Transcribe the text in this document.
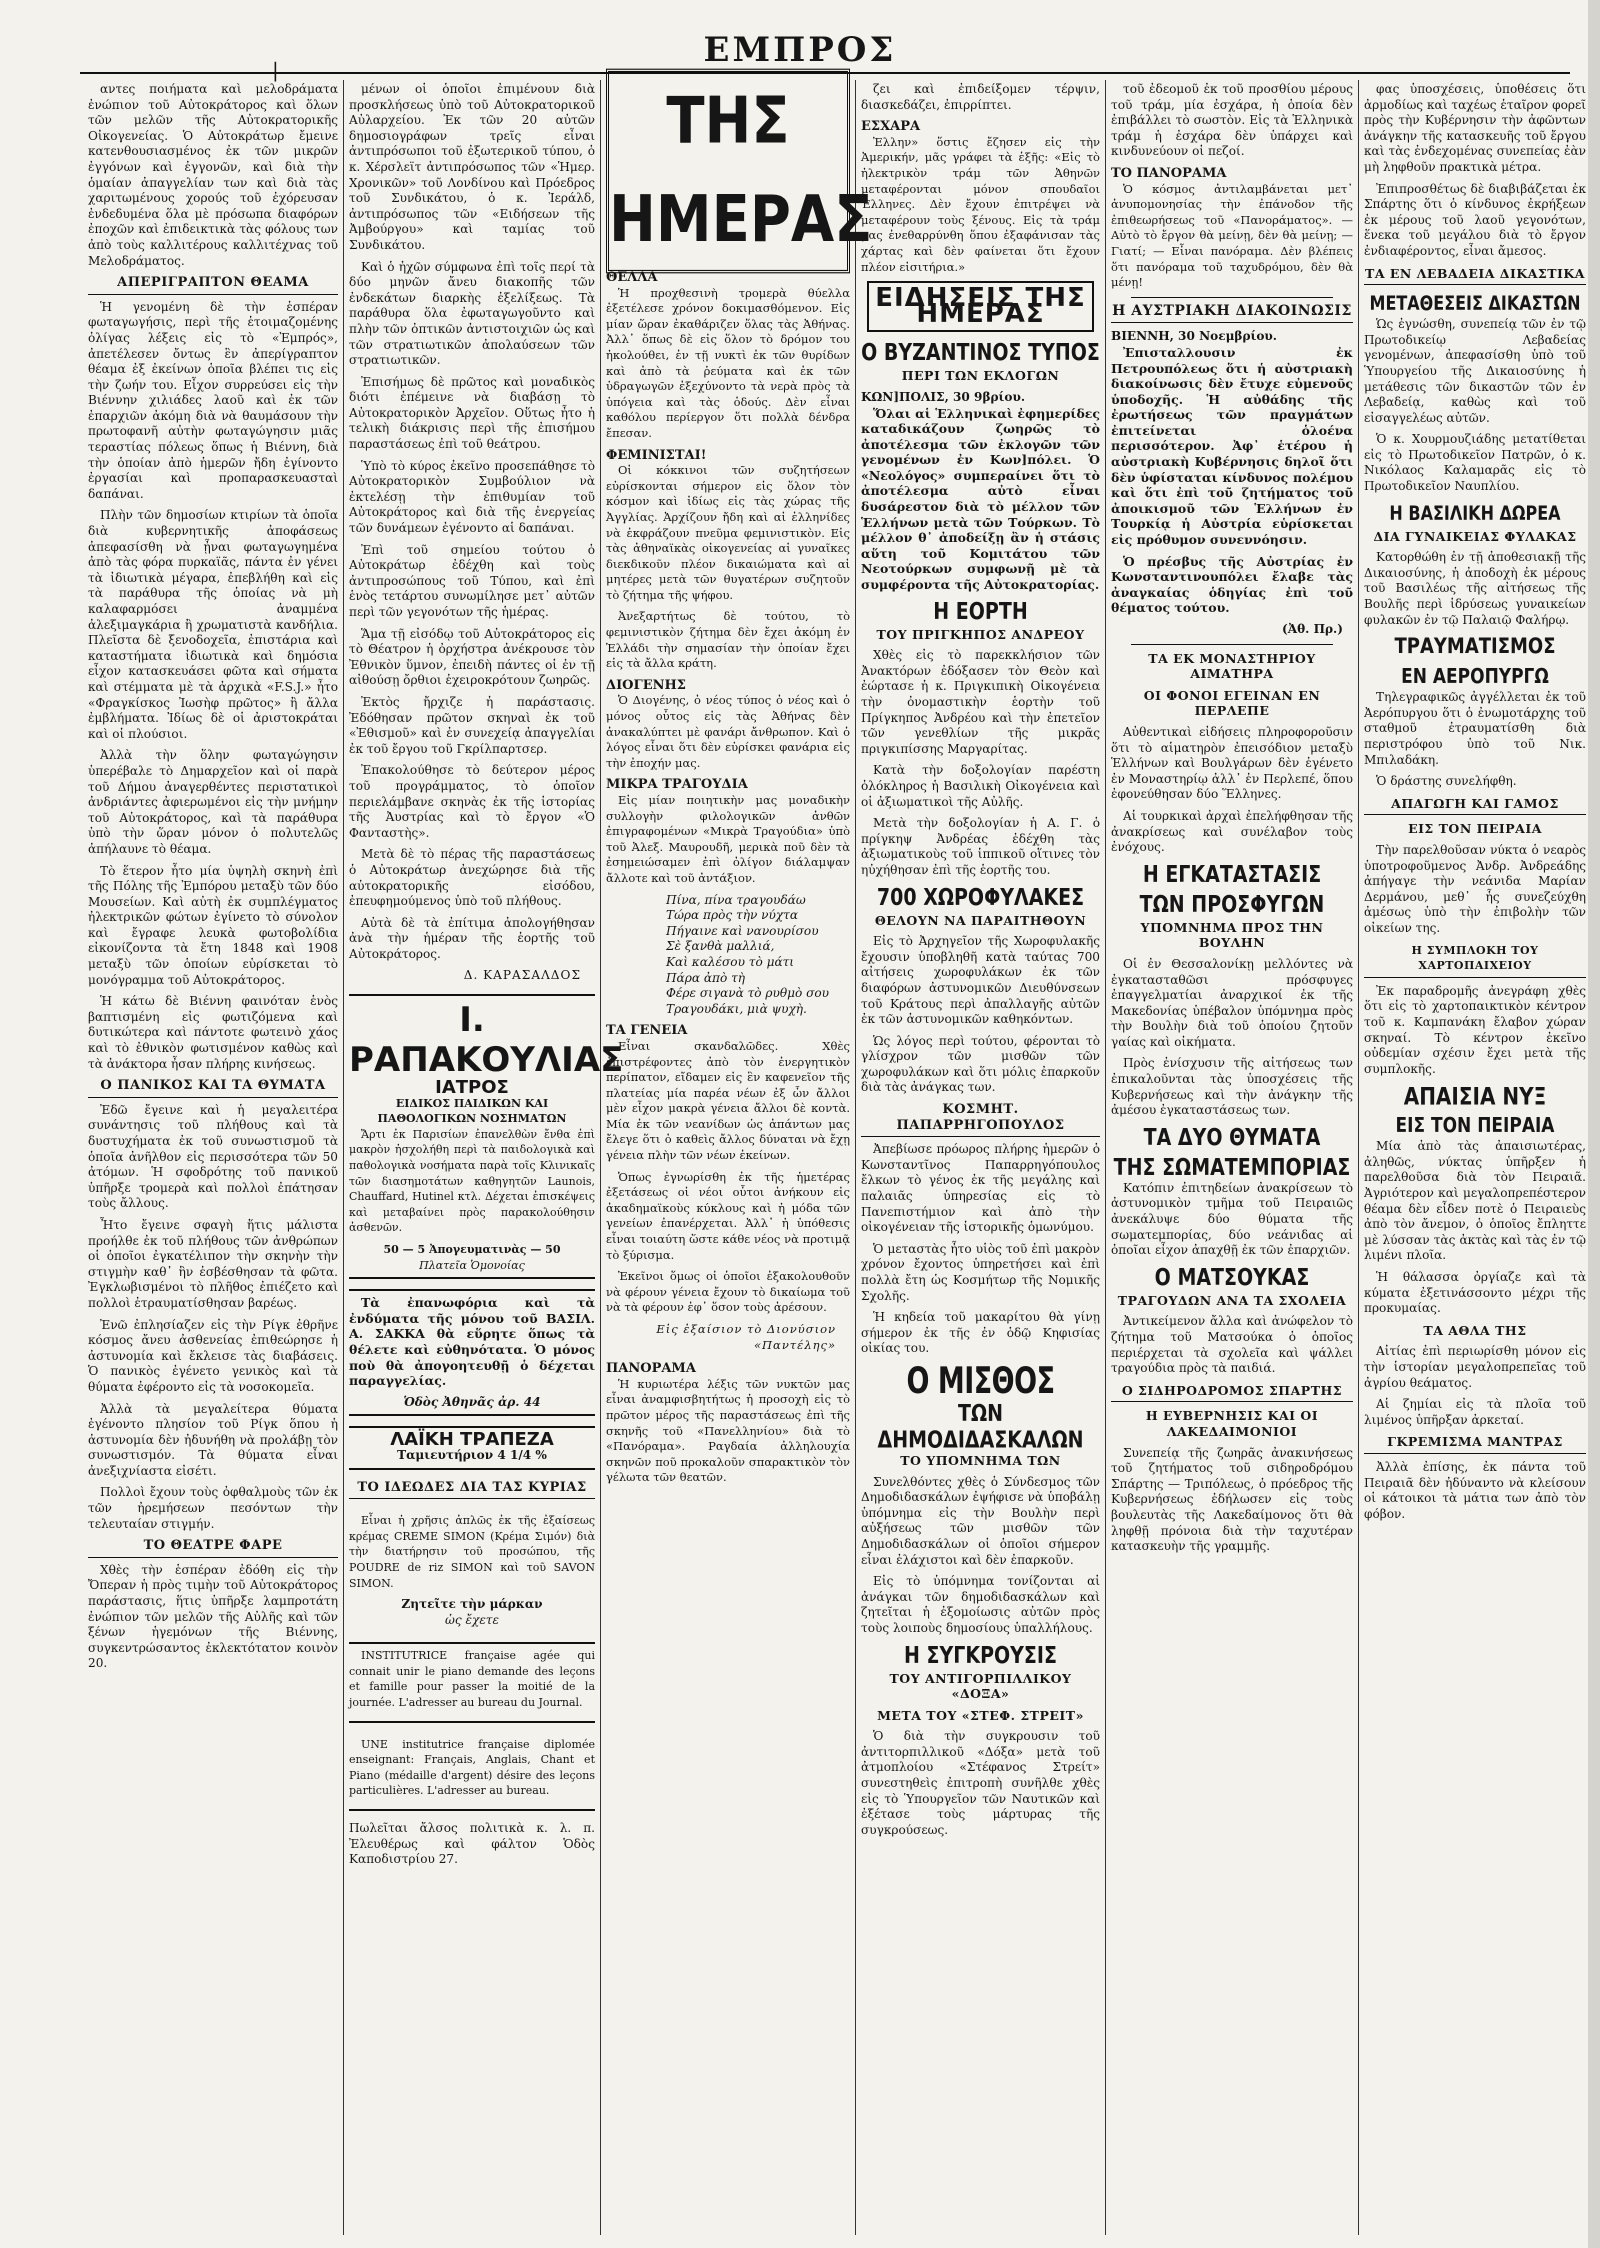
|	ΕΜΠΡΟΣ

αντες ποιήματα καὶ μελοδράματα ἐνώπιον τοῦ Αὐτοκράτορος καὶ ὅλων τῶν μελῶν τῆς Αὐτοκρατορικῆς Οἰκογενείας. Ὁ Αὐτοκράτωρ ἔμεινε κατενθουσιασμένος ἐκ τῶν μικρῶν ἐγγόνων καὶ ἐγγονῶν, καὶ διὰ τὴν ὁμαίαν ἀπαγγελίαν των καὶ διὰ τὰς χαριτωμένους χορούς τοῦ ἐχόρευσαν ἐνδεδυμένα ὅλα μὲ πρόσωπα διαφόρων ἐποχῶν καὶ ἐπιδεικτικὰ τὰς φόλους των ἀπὸ τοὺς καλλιτέρους καλλιτέχνας τοῦ Μελοδράματος.

ΑΠΕΡΙΓΡΑΠΤΟΝ ΘΕΑΜΑ

Ἡ γενομένη δὲ τὴν ἑσπέραν φωταγωγήσις, περὶ τῆς ἑτοιμαζομένης ὀλίγας λέξεις εἰς τὸ «Ἐμπρός», ἀπετέλεσεν ὄντως ἓν ἀπερίγραπτον θέαμα ἐξ ἐκείνων ὁποῖα βλέπει τις εἰς τὴν ζωήν του. Εἶχον συρρεύσει εἰς τὴν Βιέννην χιλιάδες λαοῦ καὶ ἐκ τῶν ἐπαρχιῶν ἀκόμη διὰ νὰ θαυμάσουν τὴν πρωτοφανῆ αὐτὴν φωταγώγησιν μιᾶς τεραστίας πόλεως ὅπως ἡ Βιέννη, διὰ τὴν ὁποίαν ἀπὸ ἡμερῶν ἤδη ἐγίνοντο ἐργασίαι καὶ προπαρασκευασταὶ δαπάναι.

Πλὴν τῶν δημοσίων κτιρίων τὰ ὁποῖα διὰ κυβερνητικῆς ἀποφάσεως ἀπεφασίσθη νὰ ᾖναι φωταγωγημένα ἀπὸ τὰς φόρα πυρκαϊᾶς, πάντα ἐν γένει τὰ ἰδιωτικὰ μέγαρα, ἐπεβλήθη καὶ εἰς τὰ παράθυρα τῆς ὁποίας νὰ μὴ καλαφαρμόσει ἀναμμένα ἀλεξιμαγκάρια ἢ χρωματιστὰ κανδήλια. Πλεῖστα δὲ ξενοδοχεῖα, ἐπιστάρια καὶ καταστήματα ἰδιωτικὰ καὶ δημόσια εἶχον κατασκευάσει φῶτα καὶ σήματα καὶ στέμματα μὲ τὰ ἀρχικὰ «F.S.J.» ἦτο «Φραγκίσκος Ἰωσὴφ πρῶτος» ἢ ἄλλα ἐμβλήματα. Ἰδίως δὲ οἱ ἀριστοκράται καὶ οἱ πλούσιοι.

Ἀλλὰ τὴν ὅλην φωταγώγησιν ὑπερέβαλε τὸ Δημαρχεῖον καὶ οἱ παρὰ τοῦ Δήμου ἀναγερθέντες περιστατικοὶ ἀνδριάντες ἀφιερωμένοι εἰς τὴν μνήμην τοῦ Αὐτοκράτορος, καὶ τὰ παράθυρα ὑπὸ τὴν ὥραν μόνον ὁ πολυτελῶς ἀπήλαυνε τὸ θέαμα.

Τὸ ἕτερον ἦτο μία ὑψηλὴ σκηνὴ ἐπὶ τῆς Πόλης τῆς Ἐμπόρου μεταξὺ τῶν δύο Μουσείων. Καὶ αὐτὴ ἐκ συμπλέγματος ἠλεκτρικῶν φώτων ἐγίνετο τὸ σύνολον καὶ ἔγραφε λευκὰ φωτοβολίδια εἰκονίζοντα τὰ ἔτη 1848 καὶ 1908 μεταξὺ τῶν ὁποίων εὑρίσκεται τὸ μονόγραμμα τοῦ Αὐτοκράτορος.

Ἡ κάτω δὲ Βιέννη φαινόταν ἑνὸς βαπτισμένη εἰς φωτιζόμενα καὶ δυτικώτερα καὶ πάντοτε φωτεινὸ χάος καὶ τὸ ἐθνικὸν φωτισμένον καθὼς καὶ τὰ ἀνάκτορα ἦσαν πλήρης κινήσεως.

Ο ΠΑΝΙΚΟΣ ΚΑΙ ΤΑ ΘΥΜΑΤΑ

Ἐδῶ ἔγεινε καὶ ἡ μεγαλειτέρα συνάντησις τοῦ πλήθους καὶ τὰ δυστυχήματα ἐκ τοῦ συνωστισμοῦ τὰ ὁποῖα ἀνῆλθον εἰς περισσότερα τῶν 50 ἀτόμων. Ἡ σφοδρότης τοῦ πανικοῦ ὑπῆρξε τρομερὰ καὶ πολλοὶ ἐπάτησαν τοὺς ἄλλους.

Ἦτο ἔγεινε σφαγὴ ἥτις μάλιστα προήλθε ἐκ τοῦ πλήθους τῶν ἀνθρώπων οἱ ὁποῖοι ἐγκατέλιπον τὴν σκηνὴν τὴν στιγμὴν καθ᾽ ἣν ἐσβέσθησαν τὰ φῶτα. Ἐγκλωβισμένοι τὸ πλῆθος ἐπιέζετο καὶ πολλοὶ ἐτραυματίσθησαν βαρέως.

Ἐνῶ ἐπλησίαζεν εἰς τὴν Ρίγκ ἐθρῆνε κόσμος ἄνευ ἀσθενείας ἐπιθεώρησε ἡ ἀστυνομία καὶ ἔκλεισε τὰς διαβάσεις. Ὁ πανικὸς ἐγένετο γενικὸς καὶ τὰ θύματα ἐφέροντο εἰς τὰ νοσοκομεῖα.

Ἀλλὰ τὰ μεγαλείτερα θύματα ἐγένοντο πλησίον τοῦ Ρίγκ ὅπου ἡ ἀστυνομία δὲν ἠδυνήθη νὰ προλάβῃ τὸν συνωστισμόν. Τὰ θύματα εἶναι ἀνεξιχνίαστα εἰσέτι.

Πολλοὶ ἔχουν τοὺς ὀφθαλμοὺς τῶν ἐκ τῶν ἠρεμήσεων πεσόντων τὴν τελευταίαν στιγμήν.

ΤΟ ΘΕΑΤΡΕ ΦΑΡΕ

Χθὲς τὴν ἑσπέραν ἐδόθη εἰς τὴν Ὄπεραν ἡ πρὸς τιμὴν τοῦ Αὐτοκράτορος παράστασις, ἥτις ὑπῆρξε λαμπροτάτη ἐνώπιον τῶν μελῶν τῆς Αὐλῆς καὶ τῶν ξένων ἡγεμόνων τῆς Βιέννης, συγκεντρώσαντος ἐκλεκτότατον κοινὸν 20.

μένων οἱ ὁποῖοι ἐπιμένουν διὰ προσκλήσεως ὑπὸ τοῦ Αὐτοκρατορικοῦ Αὐλαρχείου. Ἐκ τῶν 20 αὐτῶν δημοσιογράφων τρεῖς εἶναι ἀντιπρόσωποι τοῦ ἐξωτερικοῦ τύπου, ὁ κ. Χέρσλεϊτ ἀντιπρόσωπος τῶν «Ἡμερ. Χρονικῶν» τοῦ Λονδίνου καὶ Πρόεδρος τοῦ Συνδικάτου, ὁ κ. Ἰεράλδ, ἀντιπρόσωπος τῶν «Ειδήσεων τῆς Ἀμβούργου» καὶ ταμίας τοῦ Συνδικάτου.

Καὶ ὁ ἠχῶν σύμφωνα ἐπὶ τοῖς περί τὰ δύο μηνῶν ἄνευ διακοπῆς τῶν ἐνδεκάτων διαρκὴς ἐξελίξεως. Τὰ παράθυρα ὅλα ἐφωταγωγοῦντο καὶ πλὴν τῶν ὀπτικῶν ἀντιστοιχιῶν ὡς καὶ τῶν στρατιωτικῶν ἀπολαύσεων τῶν στρατιωτικῶν.

Ἐπισήμως δὲ πρῶτος καὶ μοναδικὸς διότι ἐπέμεινε νὰ διαβάσῃ τὸ Αὐτοκρατορικὸν Ἀρχεῖον. Οὕτως ἦτο ἡ τελικὴ διάκρισις περὶ τῆς ἐπισήμου παραστάσεως ἐπὶ τοῦ θεάτρου.

Ὑπὸ τὸ κύρος ἐκεῖνο προσεπάθησε τὸ Αὐτοκρατορικὸν Συμβούλιον νὰ ἐκτελέσῃ τὴν ἐπιθυμίαν τοῦ Αὐτοκράτορος καὶ διὰ τῆς ἐνεργείας τῶν δυνάμεων ἐγένοντο αἱ δαπάναι.

Ἐπὶ τοῦ σημείου τούτου ὁ Αὐτοκράτωρ ἐδέχθη καὶ τοὺς ἀντιπροσώπους τοῦ Τύπου, καὶ ἐπὶ ἑνὸς τετάρτου συνωμίλησε μετ᾽ αὐτῶν περὶ τῶν γεγονότων τῆς ἡμέρας.

Ἅμα τῇ εἰσόδῳ τοῦ Αὐτοκράτορος εἰς τὸ Θέατρον ἡ ὀρχήστρα ἀνέκρουσε τὸν Ἐθνικὸν ὕμνον, ἐπειδὴ πάντες οἱ ἐν τῇ αἰθούσῃ ὄρθιοι ἐχειροκρότουν ζωηρῶς.

Ἐκτὸς ἤρχιζε ἡ παράστασις. Ἐδόθησαν πρῶτον σκηναὶ ἐκ τοῦ «Ἐθισμοῦ» καὶ ἐν συνεχείᾳ ἀπαγγελίαι ἐκ τοῦ ἔργου τοῦ Γκρίλπαρτσερ.

Ἐπακολούθησε τὸ δεύτερον μέρος τοῦ προγράμματος, τὸ ὁποῖον περιελάμβανε σκηνὰς ἐκ τῆς ἱστορίας τῆς Ἀυστρίας καὶ τὸ ἔργον «Ὁ Φανταστὴς».

Μετὰ δὲ τὸ πέρας τῆς παραστάσεως ὁ Αὐτοκράτωρ ἀνεχώρησε διὰ τῆς αὐτοκρατορικῆς εἰσόδου, ἐπευφημούμενος ὑπὸ τοῦ πλήθους.

Αὐτὰ δὲ τὰ ἐπίτιμα ἀπολογήθησαν ἀνὰ τὴν ἡμέραν τῆς ἑορτῆς τοῦ Αὐτοκράτορος.

Δ. ΚΑΡΑΣΑΛΔΟΣ
Ι. ΡΑΠΑΚΟΥΛΙΑΣ
ΙΑΤΡΟΣ
ΕΙΔΙΚΟΣ ΠΑΙΔΙΚΩΝ ΚΑΙ ΠΑΘΟΛΟΓΙΚΩΝ ΝΟΣΗΜΑΤΩΝ

Ἄρτι ἐκ Παρισίων ἐπανελθὼν ἔνθα ἐπὶ μακρὸν ἠσχολήθη περὶ τὰ παιδολογικὰ καὶ παθολογικὰ νοσήματα παρὰ τοῖς Κλινικαῖς τῶν διασημοτάτων καθηγητῶν Launois, Chauffard, Hutinel κτλ. Δέχεται ἐπισκέψεις καὶ μεταβαίνει πρὸς παρακολούθησιν ἀσθενῶν.

50 — 5 Ἀπογευματινὰς — 50
Πλατεῖα Ὁμονοίας

Τὰ ἐπανωφόρια καὶ τὰ ἐνδύματα τῆς μόνου τοῦ ΒΑΣΙΛ. Α. ΣΑΚΚΑ θὰ εὕρητε ὅπως τὰ θέλετε καὶ εὐθηνότατα. Ὁ μόνος ποὺ θὰ ἀπογοητευθῇ ὁ δέχεται παραγγελίας.

Ὁδὸς Ἀθηνᾶς ἀρ. 44
ΛΑΪΚΗ ΤΡΑΠΕΖΑ
Ταμιευτήριον 4 1/4 %
ΤΟ ΙΔΕΩΔΕΣ ΔΙΑ ΤΑΣ ΚΥΡΙΑΣ

Εἶναι ἡ χρῆσις ἁπλῶς ἐκ τῆς ἐξαίσεως κρέμας CREME SIMON (Κρέμα Σιμόν) διὰ τὴν διατήρησιν τοῦ προσώπου, τῆς POUDRE de riz SIMON καὶ τοῦ SAVON SIMON.

Ζητεῖτε τὴν μάρκαν
ὡς ἔχετε

INSTITUTRICE française agée qui connait unir le piano demande des leçons et famille pour passer la moitié de la journée. L'adresser au bureau du Journal.

UNE institutrice française diplomée enseignant: Français, Anglais, Chant et Piano (médaille d'argent) désire des leçons particulières. L'adresser au bureau.

Πωλεῖται ἄλσος πολιτικὰ κ. λ. π. Ἐλευθέρως καὶ φάλτον Ὁδὸς Καποδιστρίου 27.
ΤΗΣ ΗΜΕΡΑΣ
ΘΕΛΛΑ

Ἡ προχθεσινὴ τρομερὰ θύελλα ἐξετέλεσε χρόνον δοκιμασθόμενον. Εἰς μίαν ὥραν ἐκαθάριζεν ὅλας τὰς Ἀθήνας. Ἀλλ᾽ ὅπως δὲ εἰς ὅλον τὸ δρόμον του ἠκολούθει, ἐν τῇ νυκτὶ ἐκ τῶν θυρίδων καὶ ἀπὸ τὰ ῥεύματα καὶ ἐκ τῶν ὑδραγωγῶν ἐξεχύνοντο τὰ νερὰ πρὸς τὰ ὑπόγεια καὶ τὰς ὁδούς. Δὲν εἶναι καθόλου περίεργον ὅτι πολλὰ δένδρα ἔπεσαν.

ΦΕΜΙΝΙΣΤΑΙ!

Οἱ κόκκινοι τῶν συζητήσεων εὐρίσκονται σήμερον εἰς ὅλον τὸν κόσμον καὶ ἰδίως εἰς τὰς χώρας τῆς Ἀγγλίας. Ἀρχίζουν ἤδη καὶ αἱ ἑλληνίδες νὰ ἐκφράζουν πνεῦμα φεμινιστικὸν. Εἰς τὰς ἀθηναϊκὰς οἰκογενείας αἱ γυναῖκες διεκδικοῦν πλέον δικαιώματα καὶ αἱ μητέρες μετὰ τῶν θυγατέρων συζητοῦν τὸ ζήτημα τῆς ψήφου.

Ἀνεξαρτήτως δὲ τούτου, τὸ φεμινιστικὸν ζήτημα δὲν ἔχει ἀκόμη ἐν Ἑλλάδι τὴν σημασίαν τὴν ὁποίαν ἔχει εἰς τὰ ἄλλα κράτη.

ΔΙΟΓΕΝΗΣ

Ὁ Διογένης, ὁ νέος τύπος ὁ νέος καὶ ὁ μόνος οὗτος εἰς τὰς Ἀθήνας δὲν ἀνακαλύπτει μὲ φανάρι ἄνθρωπον. Καὶ ὁ λόγος εἶναι ὅτι δὲν εὑρίσκει φανάρια εἰς τὴν ἐποχήν μας.

ΜΙΚΡΑ ΤΡΑΓΟΥΔΙΑ

Εἰς μίαν ποιητικὴν μας μοναδικὴν συλλογὴν φιλολογικῶν ἀνθῶν ἐπιγραφομένων «Μικρὰ Τραγούδια» ὑπὸ τοῦ Ἀλεξ. Μαυρουδῆ, μερικὰ ποῦ δὲν τὰ ἐσημειώσαμεν ἐπὶ ὀλίγον διάλαμψαν ἄλλοτε καὶ τοῦ ἀντάξιον.

Πίνα, πίνα τραγουδάω
Τώρα πρὸς τὴν νύχτα
Πήγαινε καὶ νανουρίσου
Σὲ ξανθὰ μαλλιά,
Καὶ καλέσου τὸ μάτι
Πάρα ἀπὸ τὴ
Φέρε σιγανὰ τὸ ρυθμὸ σου
Τραγουδάκι, μιὰ ψυχὴ.
ΤΑ ΓΕΝΕΙΑ

Εἶναι σκανδαλῶδες. Χθὲς ἐπιστρέφοντες ἀπὸ τὸν ἐνεργητικὸν περίπατον, εἴδαμεν εἰς ἓν καφενεῖον τῆς πλατείας μία παρέα νέων ἐξ ὧν ἄλλοι μὲν εἶχον μακρὰ γένεια ἄλλοι δὲ κοντὰ. Μία ἐκ τῶν νεανίδων ὡς ἀπάντων μας ἔλεγε ὅτι ὁ καθεὶς ἄλλος δύναται νὰ ἔχῃ γένεια πλὴν τῶν νέων ἐκείνων.

Ὁπως ἐγνωρίσθη ἐκ τῆς ἡμετέρας ἐξετάσεως οἱ νέοι οὗτοι ἀνήκουν εἰς ἀκαδημαϊκοὺς κύκλους καὶ ἡ μόδα τῶν γενείων ἐπανέρχεται. Ἀλλ᾽ ἡ ὑπόθεσις εἶναι τοιαύτη ὥστε κάθε νέος νὰ προτιμᾷ τὸ ξύρισμα.

Ἐκεῖνοι ὅμως οἱ ὁποῖοι ἐξακολουθοῦν νὰ φέρουν γένεια ἔχουν τὸ δικαίωμα τοῦ νὰ τὰ φέρουν ἐφ᾽ ὅσον τοὺς ἀρέσουν.

Εἰς ἐξαίσιον τὸ Διονύσιον «Παντέλης»
ΠΑΝΟΡΑΜΑ

Ἡ κυριωτέρα λέξις τῶν νυκτῶν μας εἶναι ἀναμφισβητήτως ἡ προσοχὴ εἰς τὸ πρῶτον μέρος τῆς παραστάσεως ἐπὶ τῆς σκηνῆς τοῦ «Πανελληνίου» διὰ τὸ «Πανόραμα». Ραγδαία ἀλληλουχία σκηνῶν ποῦ προκαλοῦν σπαρακτικὸν τὸν γέλωτα τῶν θεατῶν.

ζει καὶ ἐπιδείξομεν τέρψιν, διασκεδάζει, ἐπιρρίπτει.

ΕΣΧΑΡΑ

Ἐλλην» ὅστις ἔζησεν εἰς τὴν Ἀμερικήν, μᾶς γράφει τὰ ἑξῆς: «Εἰς τὸ ἠλεκτρικὸν τράμ τῶν Ἀθηνῶν μεταφέρονται μόνον σπουδαῖοι Ἑλληνες. Δὲν ἔχουν ἐπιτρέψει νὰ μεταφέρουν τοὺς ξένους. Εἰς τὰ τράμ μας ἐνεθαρρύνθη ὅπου ἐξαφάνισαν τὰς χάρτας καὶ δὲν φαίνεται ὅτι ἔχουν πλέον εἰσιτήρια.»

ΕΙΔΗΣΕΙΣ ΤΗΣ ΗΜΕΡΑΣ
Ο ΒΥΖΑΝΤΙΝΟΣ ΤΥΠΟΣ
ΠΕΡΙ ΤΩΝ ΕΚΛΟΓΩΝ
ΚΩΝ]ΠΟΛΙΣ, 30 9βρίου.

Ὅλαι αἱ Ἑλληνικαὶ ἐφημερίδες καταδικάζουν ζωηρῶς τὸ ἀποτέλεσμα τῶν ἐκλογῶν τῶν γενομένων ἐν Κων]πόλει. Ὁ «Νεολόγος» συμπεραίνει ὅτι τὸ ἀποτέλεσμα αὐτὸ εἶναι δυσάρεστον διὰ τὸ μέλλον τῶν Ἑλλήνων μετὰ τῶν Τούρκων. Τὸ μέλλον θ᾽ ἀποδείξῃ ἂν ἡ στάσις αὕτη τοῦ Κομιτάτου τῶν Νεοτούρκων συμφωνῇ μὲ τὰ συμφέροντα τῆς Αὐτοκρατορίας.

Η ΕΟΡΤΗ
ΤΟΥ ΠΡΙΓΚΗΠΟΣ ΑΝΔΡΕΟΥ

Χθὲς εἰς τὸ παρεκκλήσιον τῶν Ἀνακτόρων ἐδόξασεν τὸν Θεὸν καὶ ἐώρτασε ἡ κ. Πριγκιπικὴ Οἰκογένεια τὴν ὀνομαστικὴν ἑορτὴν τοῦ Πρίγκηπος Ἀνδρέου καὶ τὴν ἐπετεῖον τῶν γενεθλίων τῆς μικρᾶς πριγκιπίσσης Μαργαρίτας.

Κατὰ τὴν δοξολογίαν παρέστη ὁλόκληρος ἡ Βασιλικὴ Οἰκογένεια καὶ οἱ ἀξιωματικοὶ τῆς Αὐλῆς.

Μετὰ τὴν δοξολογίαν ἡ Α. Γ. ὁ πρίγκηψ Ἀνδρέας ἐδέχθη τὰς ἀξιωματικοὺς τοῦ ἱππικοῦ οἵτινες τὸν ηὐχήθησαν ἐπὶ τῆς ἑορτῆς του.

700 ΧΩΡΟΦΥΛΑΚΕΣ
ΘΕΛΟΥΝ ΝΑ ΠΑΡΑΙΤΗΘΟΥΝ

Εἰς τὸ Ἀρχηγεῖον τῆς Χωροφυλακῆς ἔχουσιν ὑποβληθῆ κατὰ ταύτας 700 αἰτήσεις χωροφυλάκων ἐκ τῶν διαφόρων ἀστυνομικῶν Διευθύνσεων τοῦ Κράτους περὶ ἀπαλλαγῆς αὐτῶν ἐκ τῶν ἀστυνομικῶν καθηκόντων.

Ὡς λόγος περὶ τούτου, φέρονται τὸ γλίσχρον τῶν μισθῶν τῶν χωροφυλάκων καὶ ὅτι μόλις ἐπαρκοῦν διὰ τὰς ἀνάγκας των.

ΚΟΣΜΗΤ. ΠΑΠΑΡΡΗΓΟΠΟΥΛΟΣ

Ἀπεβίωσε πρόωρος πλήρης ἡμερῶν ὁ Κωνσταντῖνος Παπαρρηγόπουλος ἔλκων τὸ γένος ἐκ τῆς μεγάλης καὶ παλαιᾶς ὑπηρεσίας εἰς τὸ Πανεπιστήμιον καὶ ἀπὸ τὴν οἰκογένειαν τῆς ἱστορικῆς ὁμωνύμου.

Ὁ μεταστὰς ἦτο υἱὸς τοῦ ἐπὶ μακρὸν χρόνον ἔχοντος ὑπηρετήσει καὶ ἐπὶ πολλὰ ἔτη ὡς Κοσμήτωρ τῆς Νομικῆς Σχολῆς.

Ἡ κηδεία τοῦ μακαρίτου θὰ γίνῃ σήμερον ἐκ τῆς ἐν ὁδῷ Κηφισίας οἰκίας του.

Ο ΜΙΣΘΟΣ
ΤΩΝ ΔΗΜΟΔΙΔΑΣΚΑΛΩΝ
ΤΟ ΥΠΟΜΝΗΜΑ ΤΩΝ

Συνελθόντες χθὲς ὁ Σύνδεσμος τῶν Δημοδιδασκάλων ἐψήφισε νὰ ὑποβάλῃ ὑπόμνημα εἰς τὴν Βουλὴν περὶ αὐξήσεως τῶν μισθῶν τῶν Δημοδιδασκάλων οἱ ὁποῖοι σήμερον εἶναι ἐλάχιστοι καὶ δὲν ἐπαρκοῦν.

Εἰς τὸ ὑπόμνημα τονίζονται αἱ ἀνάγκαι τῶν δημοδιδασκάλων καὶ ζητεῖται ἡ ἐξομοίωσις αὐτῶν πρὸς τοὺς λοιποὺς δημοσίους ὑπαλλήλους.

Η ΣΥΓΚΡΟΥΣΙΣ
ΤΟΥ ΑΝΤΙΓΟΡΠΙΛΛΙΚΟΥ «ΔΟΞΑ»
ΜΕΤΑ ΤΟΥ «ΣΤΕΦ. ΣΤΡΕΙΤ»

Ὁ διὰ τὴν συγκρουσιν τοῦ ἀντιτορπιλλικοῦ «Δόξα» μετὰ τοῦ ἀτμοπλοίου «Στέφανος Στρείτ» συνεστηθεὶς ἐπιτροπὴ συνῆλθε χθὲς εἰς τὸ Ὑπουργεῖον τῶν Ναυτικῶν καὶ ἐξέτασε τοὺς μάρτυρας τῆς συγκρούσεως.

τοῦ ἐδεομοῦ ἐκ τοῦ προσθίου μέρους τοῦ τράμ, μία ἐσχάρα, ἡ ὁποία δὲν ἐπιβάλλει τὸ σωστὸν. Εἰς τὰ Ἑλληνικὰ τράμ ἡ ἐσχάρα δὲν ὑπάρχει καὶ κινδυνεύουν οἱ πεζοί.

ΤΟ ΠΑΝΟΡΑΜΑ

Ὁ κόσμος ἀντιλαμβάνεται μετ᾽ ἀνυπομονησίας τὴν ἐπάνοδον τῆς ἐπιθεωρήσεως τοῦ «Πανοράματος». — Αὐτὸ τὸ ἔργον θὰ μείνῃ, δὲν θὰ μείνῃ; — Γιατί; — Εἶναι πανόραμα. Δὲν βλέπεις ὅτι πανόραμα τοῦ ταχυδρόμου, δὲν θὰ μένῃ!

Η ΑΥΣΤΡΙΑΚΗ ΔΙΑΚΟΙΝΩΣΙΣ
ΒΙΕΝΝΗ, 30 Νοεμβρίου.

Ἐπισταλλουσιν ἐκ Πετρουπόλεως ὅτι ἡ αὐστριακὴ διακοίνωσις δὲν ἔτυχε εὐμενοῦς ὑποδοχῆς. Ἡ αὐθάδης τῆς ἐρωτήσεως τῶν πραγμάτων ἐπιτείνεται ὁλοένα περισσότερον. Ἀφ᾽ ἑτέρου ἡ αὐστριακὴ Κυβέρνησις δηλοῖ ὅτι δὲν ὑφίσταται κίνδυνος πολέμου καὶ ὅτι ἐπὶ τοῦ ζητήματος τοῦ ἀποικισμοῦ τῶν Ἑλλήνων ἐν Τουρκίᾳ ἡ Αὐστρία εὑρίσκεται εἰς πρόθυμον συνεννόησιν.

Ὁ πρέσβυς τῆς Αὐστρίας ἐν Κωνσταντινουπόλει ἔλαβε τὰς ἀναγκαίας ὁδηγίας ἐπὶ τοῦ θέματος τούτου.

(Ἀθ. Πρ.)
ΤΑ ΕΚ ΜΟΝΑΣΤΗΡΙΟΥ ΑΙΜΑΤΗΡΑ
ΟΙ ΦΟΝΟΙ ΕΓΕΙΝΑΝ ΕΝ ΠΕΡΛΕΠΕ

Αὐθεντικαὶ εἰδήσεις πληροφοροῦσιν ὅτι τὸ αἱματηρὸν ἐπεισόδιον μεταξὺ Ἑλλήνων καὶ Βουλγάρων δὲν ἐγένετο ἐν Μοναστηρίῳ ἀλλ᾽ ἐν Περλεπέ, ὅπου ἐφονεύθησαν δύο Ἕλληνες.

Αἱ τουρκικαὶ ἀρχαὶ ἐπελήφθησαν τῆς ἀνακρίσεως καὶ συνέλαβον τοὺς ἐνόχους.

Η ΕΓΚΑΤΑΣΤΑΣΙΣ
ΤΩΝ ΠΡΟΣΦΥΓΩΝ
ΥΠΟΜΝΗΜΑ ΠΡΟΣ ΤΗΝ ΒΟΥΛΗΝ

Οἱ ἐν Θεσσαλονίκῃ μελλόντες νὰ ἐγκατασταθῶσι πρόσφυγες ἐπαγγελματίαι ἀναρχικοί ἐκ τῆς Μακεδονίας ὑπέβαλον ὑπόμνημα πρὸς τὴν Βουλὴν διὰ τοῦ ὁποίου ζητοῦν γαίας καὶ οἰκήματα.

Πρὸς ἐνίσχυσιν τῆς αἰτήσεως των ἐπικαλοῦνται τὰς ὑποσχέσεις τῆς Κυβερνήσεως καὶ τὴν ἀνάγκην τῆς ἀμέσου ἐγκαταστάσεως των.

ΤΑ ΔΥΟ ΘΥΜΑΤΑ
ΤΗΣ ΣΩΜΑΤΕΜΠΟΡΙΑΣ

Κατόπιν ἐπιτηδείων ἀνακρίσεων τὸ ἀστυνομικὸν τμῆμα τοῦ Πειραιῶς ἀνεκάλυψε δύο θύματα τῆς σωματεμπορίας, δύο νεάνιδας αἱ ὁποῖαι εἶχον ἀπαχθῇ ἐκ τῶν ἐπαρχιῶν.

Ο ΜΑΤΣΟΥΚΑΣ
ΤΡΑΓΟΥΔΩΝ ΑΝΑ ΤΑ ΣΧΟΛΕΙΑ

Ἀντικείμενον ἄλλα καὶ ἀνώφελον τὸ ζήτημα τοῦ Ματσούκα ὁ ὁποῖος περιέρχεται τὰ σχολεῖα καὶ ψάλλει τραγούδια πρὸς τὰ παιδιά.

Ο ΣΙΔΗΡΟΔΡΟΜΟΣ ΣΠΑΡΤΗΣ
Η ΕΥΒΕΡΝΗΣΙΣ ΚΑΙ ΟΙ ΛΑΚΕΔΑΙΜΟΝΙΟΙ

Συνεπείᾳ τῆς ζωηρᾶς ἀνακινήσεως τοῦ ζητήματος τοῦ σιδηροδρόμου Σπάρτης — Τριπόλεως, ὁ πρόεδρος τῆς Κυβερνήσεως ἐδήλωσεν εἰς τοὺς βουλευτὰς τῆς Λακεδαίμονος ὅτι θὰ ληφθῇ πρόνοια διὰ τὴν ταχυτέραν κατασκευὴν τῆς γραμμῆς.

φας ὑποσχέσεις, ὑποθέσεις ὅτι ἀρμοδίως καὶ ταχέως ἑταῖρον φορεῖ πρὸς τὴν Κυβέρνησιν τὴν ἀφῶντων ἀνάγκην τῆς κατασκευῆς τοῦ ἔργου καὶ τὰς ἐνδεχομένας συνεπείας ἐὰν μὴ ληφθοῦν πρακτικὰ μέτρα.

Ἐπιπροσθέτως δὲ διαβιβάζεται ἐκ Σπάρτης ὅτι ὁ κίνδυνος ἐκρήξεων ἐκ μέρους τοῦ λαοῦ γεγονότων, ἕνεκα τοῦ μεγάλου διὰ τὸ ἔργον ἐνδιαφέροντος, εἶναι ἄμεσος.

ΤΑ ΕΝ ΛΕΒΑΔΕΙΑ ΔΙΚΑΣΤΙΚΑ
ΜΕΤΑΘΕΣΕΙΣ ΔΙΚΑΣΤΩΝ

Ὡς ἐγνώσθη, συνεπείᾳ τῶν ἐν τῷ Πρωτοδικείῳ Λεβαδείας γενομένων, ἀπεφασίσθη ὑπὸ τοῦ Ὑπουργείου τῆς Δικαιοσύνης ἡ μετάθεσις τῶν δικαστῶν τῶν ἐν Λεβαδείᾳ, καθὼς καὶ τοῦ εἰσαγγελέως αὐτῶν.

Ὁ κ. Χουρμουζιάδης μετατίθεται εἰς τὸ Πρωτοδικεῖον Πατρῶν, ὁ κ. Νικόλαος Καλαμαρᾶς εἰς τὸ Πρωτοδικεῖον Ναυπλίου.

Η ΒΑΣΙΛΙΚΗ ΔΩΡΕΑ
ΔΙΑ ΓΥΝΑΙΚΕΙΑΣ ΦΥΛΑΚΑΣ

Κατορθώθη ἐν τῇ ἀποθεσιακῇ τῆς Δικαιοσύνης, ἡ ἀποδοχὴ ἐκ μέρους τοῦ Βασιλέως τῆς αἰτήσεως τῆς Βουλῆς περὶ ἱδρύσεως γυναικείων φυλακῶν ἐν τῷ Παλαιῷ Φαλήρῳ.

ΤΡΑΥΜΑΤΙΣΜΟΣ
ΕΝ ΑΕΡΟΠΥΡΓΩ

Τηλεγραφικῶς ἀγγέλλεται ἐκ τοῦ Ἀερόπυργου ὅτι ὁ ἐνωμοτάρχης τοῦ σταθμοῦ ἐτραυματίσθη διὰ περιστρόφου ὑπὸ τοῦ Νικ. Μπιλαδάκη.

Ὁ δράστης συνελήφθη.

ΑΠΑΓΩΓΗ ΚΑΙ ΓΑΜΟΣ
ΕΙΣ ΤΟΝ ΠΕΙΡΑΙΑ

Τὴν παρελθοῦσαν νύκτα ὁ νεαρὸς ὑποτροφοῦμενος Ἀνδρ. Ἀνδρεάδης ἀπήγαγε τὴν νεάνιδα Μαρίαν Δερμάνου, μεθ᾽ ἧς συνεζεύχθη ἀμέσως ὑπὸ τὴν ἐπιβολὴν τῶν οἰκείων της.

Η ΣΥΜΠΛΟΚΗ ΤΟΥ ΧΑΡΤΟΠΑΙΧΕΙΟΥ

Ἐκ παραδρομῆς ἀνεγράφη χθὲς ὅτι εἰς τὸ χαρτοπαικτικὸν κέντρον τοῦ κ. Καμπανάκη ἔλαβον χώραν σκηναί. Τὸ κέντρον ἐκεῖνο οὐδεμίαν σχέσιν ἔχει μετὰ τῆς συμπλοκῆς.

ΑΠΑΙΣΙΑ ΝΥΞ
ΕΙΣ ΤΟΝ ΠΕΙΡΑΙΑ

Μία ἀπὸ τὰς ἀπαισιωτέρας, ἀληθῶς, νύκτας ὑπῆρξεν ἡ παρελθοῦσα διὰ τὸν Πειραιᾶ. Ἀγριότερον καὶ μεγαλοπρεπέστερον θέαμα δὲν εἶδεν ποτὲ ὁ Πειραιεὺς ἀπὸ τὸν ἄνεμον, ὁ ὁποῖος ἔπληττε μὲ λύσσαν τὰς ἀκτὰς καὶ τὰς ἐν τῷ λιμένι πλοῖα.

Ἡ θάλασσα ὀργίαζε καὶ τὰ κύματα ἐξετινάσσοντο μέχρι τῆς προκυμαίας.

ΤΑ ΑΘΛΑ ΤΗΣ

Αἰτίας ἐπὶ περιωρίσθη μόνον εἰς τὴν ἱστορίαν μεγαλοπρεπεῖας τοῦ ἀγρίου θεάματος.

Αἱ ζημίαι εἰς τὰ πλοῖα τοῦ λιμένος ὑπῆρξαν ἀρκεταί.

ΓΚΡΕΜΙΣΜΑ ΜΑΝΤΡΑΣ

Ἀλλὰ ἐπίσης, ἐκ πάντα τοῦ Πειραιᾶ δὲν ἠδύναντο νὰ κλείσουν οἱ κάτοικοι τὰ μάτια των ἀπὸ τὸν φόβον.
